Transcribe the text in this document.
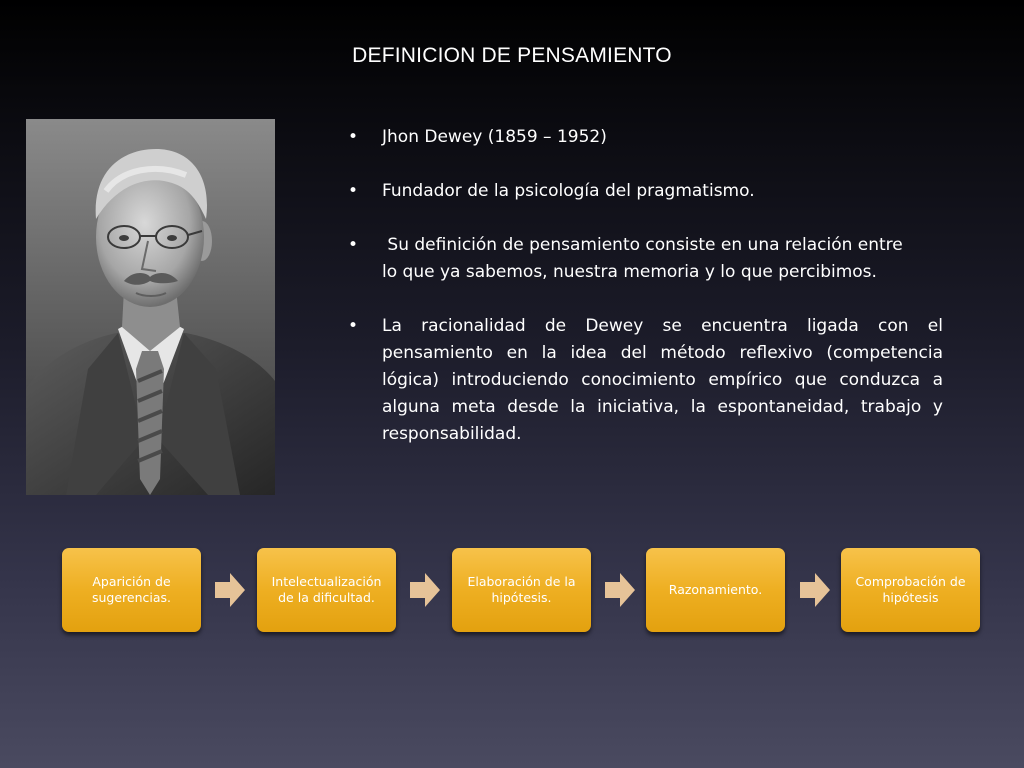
DEFINICION DE PENSAMIENTO
• Jhon Dewey (1859 – 1952)
• Fundador de la psicología del pragmatismo.
• Su definición de pensamiento consiste en una relación entre lo que ya sabemos, nuestra memoria y lo que percibimos.
• La racionalidad de Dewey se encuentra ligada con el pensamiento en la idea del método reflexivo (competencia lógica) introduciendo conocimiento empírico que conduzca a alguna meta desde la iniciativa, la espontaneidad, trabajo y responsabilidad.
Aparición de sugerencias.
Intelectualización de la dificultad.
Elaboración de la hipótesis.
Razonamiento.
Comprobación de hipótesis
